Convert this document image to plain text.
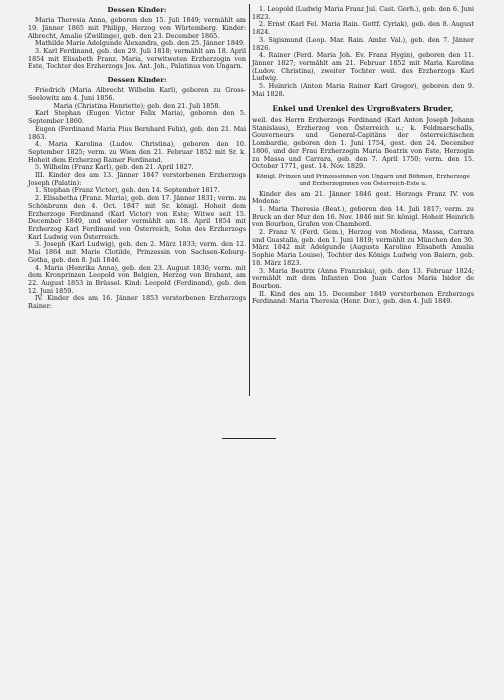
Dessen Kinder:

Maria Theresia Anna, geboren den 15. Juli 1849; vermählt am 19. Jänner 1865 mit Philipp, Herzog von Würtemberg. Kinder: Albrecht, Amalie (Zwillinge), geb. den 23. December 1865.

Mathilde Marie Adelgunde Alexandra, geb. den 25. Jänner 1849.

3. Karl Ferdinand, geb. den 29. Juli 1818; vermählt am 18. April 1854 mit Elisabeth Franz. Maria, verwitweten Erzherzogin von Este, Tochter des Erzherzogs Jos. Ant. Joh., Palatinus von Ungarn.

Dessen Kinder:

Friedrich (Maria Albrecht Wilhelm Karl), geboren zu Gross-Seelowitz am 4. Juni 1856.

Maria (Christina Henriette); geb. den 21. Juli 1858.

Karl Stephan (Eugen Victor Felix Maria), geboren den 5. September 1860.

Eugen (Ferdinand Maria Pius Bernhard Felix), geb. den 21. Mai 1863.

4. Maria Karolina (Ludov. Christina), geboren den 10. September 1825; verm. zu Wien den 21. Februar 1852 mit Sr. k. Hoheit dem Erzherzog Rainer Ferdinand.

5. Wilhelm (Franz Karl), geb. den 21. April 1827.

III. Kinder des am 13. Jänner 1847 verstorbenen Erzherzogs Joseph (Palatin):

1. Stephan (Franz Victor), geb. den 14. September 1817.

2. Elisabetha (Franz. Maria), geb. den 17. Jänner 1831; verm. zu Schönbrunn den 4. Oct. 1847 mit Sr. königl. Hoheit dem Erzherzoge Ferdinand (Karl Victor) von Este; Witwe seit 15. December 1849, und wieder vermählt am 18. April 1854 mit Erzherzog Karl Ferdinand von Österreich, Sohn des Erzherzogs Karl Ludwig von Österreich.

3. Joseph (Karl Ludwig), geb. den 2. März 1833; verm. den 12. Mai 1864 mit Marie Clotilde, Prinzessin von Sachsen-Koburg-Gotha, geb. den 8. Juli 1846.

4. Maria (Henrika Anna), geb. den 23. August 1836; verm. mit dem Kronprinzen Leopold von Belgien, Herzog von Brabant, am 22. August 1853 in Brüssel. Kind: Leopold (Ferdinand), geb. den 12. Juni 1859.

IV. Kinder des am 16. Jänner 1853 verstorbenen Erzherzogs Rainer:

1. Leopold (Ludwig Maria Franz Jul. Cast. Gerh.), geb. den 6. Juni 1823.

2. Ernst (Karl Fel. Maria Rain. Gottf. Cyriak), geb. den 8. August 1824.

3. Sigismund (Leop. Mar. Rain. Ambr. Val.), geb. den 7. Jänner 1826.

4. Rainer (Ferd. Maria Joh. Ev. Franz Hygin), geboren den 11. Jänner 1827; vermählt am 21. Februar 1852 mit Maria Karolina (Ludov. Christina), zweiter Tochter weil. des Erzherzogs Karl Ludwig.

5. Heinrich (Anton Maria Rainer Karl Gregor), geboren den 9. Mai 1828.

Enkel und Urenkel des Urgroßvaters Bruder,

weil. des Herrn Erzherzogs Ferdinand (Karl Anton Joseph Johann Stanislaus), Erzherzog von Österreich u.; k. Feldmarschalls, Gouverneurs und General-Capitäns der österreichischen Lombardie, geboren den 1. Juni 1754, gest. den 24. December 1806, und der Frau Erzherzogin Maria Beatrix von Este, Herzogin zu Massa und Carrara, geb. den 7. April 1750; verm. den 15. October 1771, gest. 14. Nov. 1829.

Königl. Prinzen und Prinzessinnen von Ungarn und Böhmen, Erzherzoge und Erzherzoginnen von Österreich-Este u.

Kinder des am 21. Jänner 1846 gest. Herzogs Franz IV. von Modena:

1. Maria Theresia (Beat.), geboren den 14. Juli 1817; verm. zu Bruck an der Mur den 16. Nov. 1846 mit Sr. königl. Hoheit Heinrich von Bourbon, Grafen von Chambord.

2. Franz V. (Ferd. Gem.), Herzog von Modena, Massa, Carrara und Guastalla, geb. den 1. Juni 1819; vermählt zu München den 30. März 1842 mit Adelgunde (Augusta Karoline Elisabeth Amalia Sophie Maria Louise), Tochter des Königs Ludwig von Baiern, geb. 18. März 1823.

3. Maria Beatrix (Anna Franziska), geb. den 13. Februar 1824; vermählt mit dem Infanten Don Juan Carlos Maria Isidor de Bourbon.

II. Kind des am 15. December 1849 verstorbenen Erzherzogs Ferdinand: Maria Theresia (Henr. Dor.), geb. den 4. Juli 1849.
